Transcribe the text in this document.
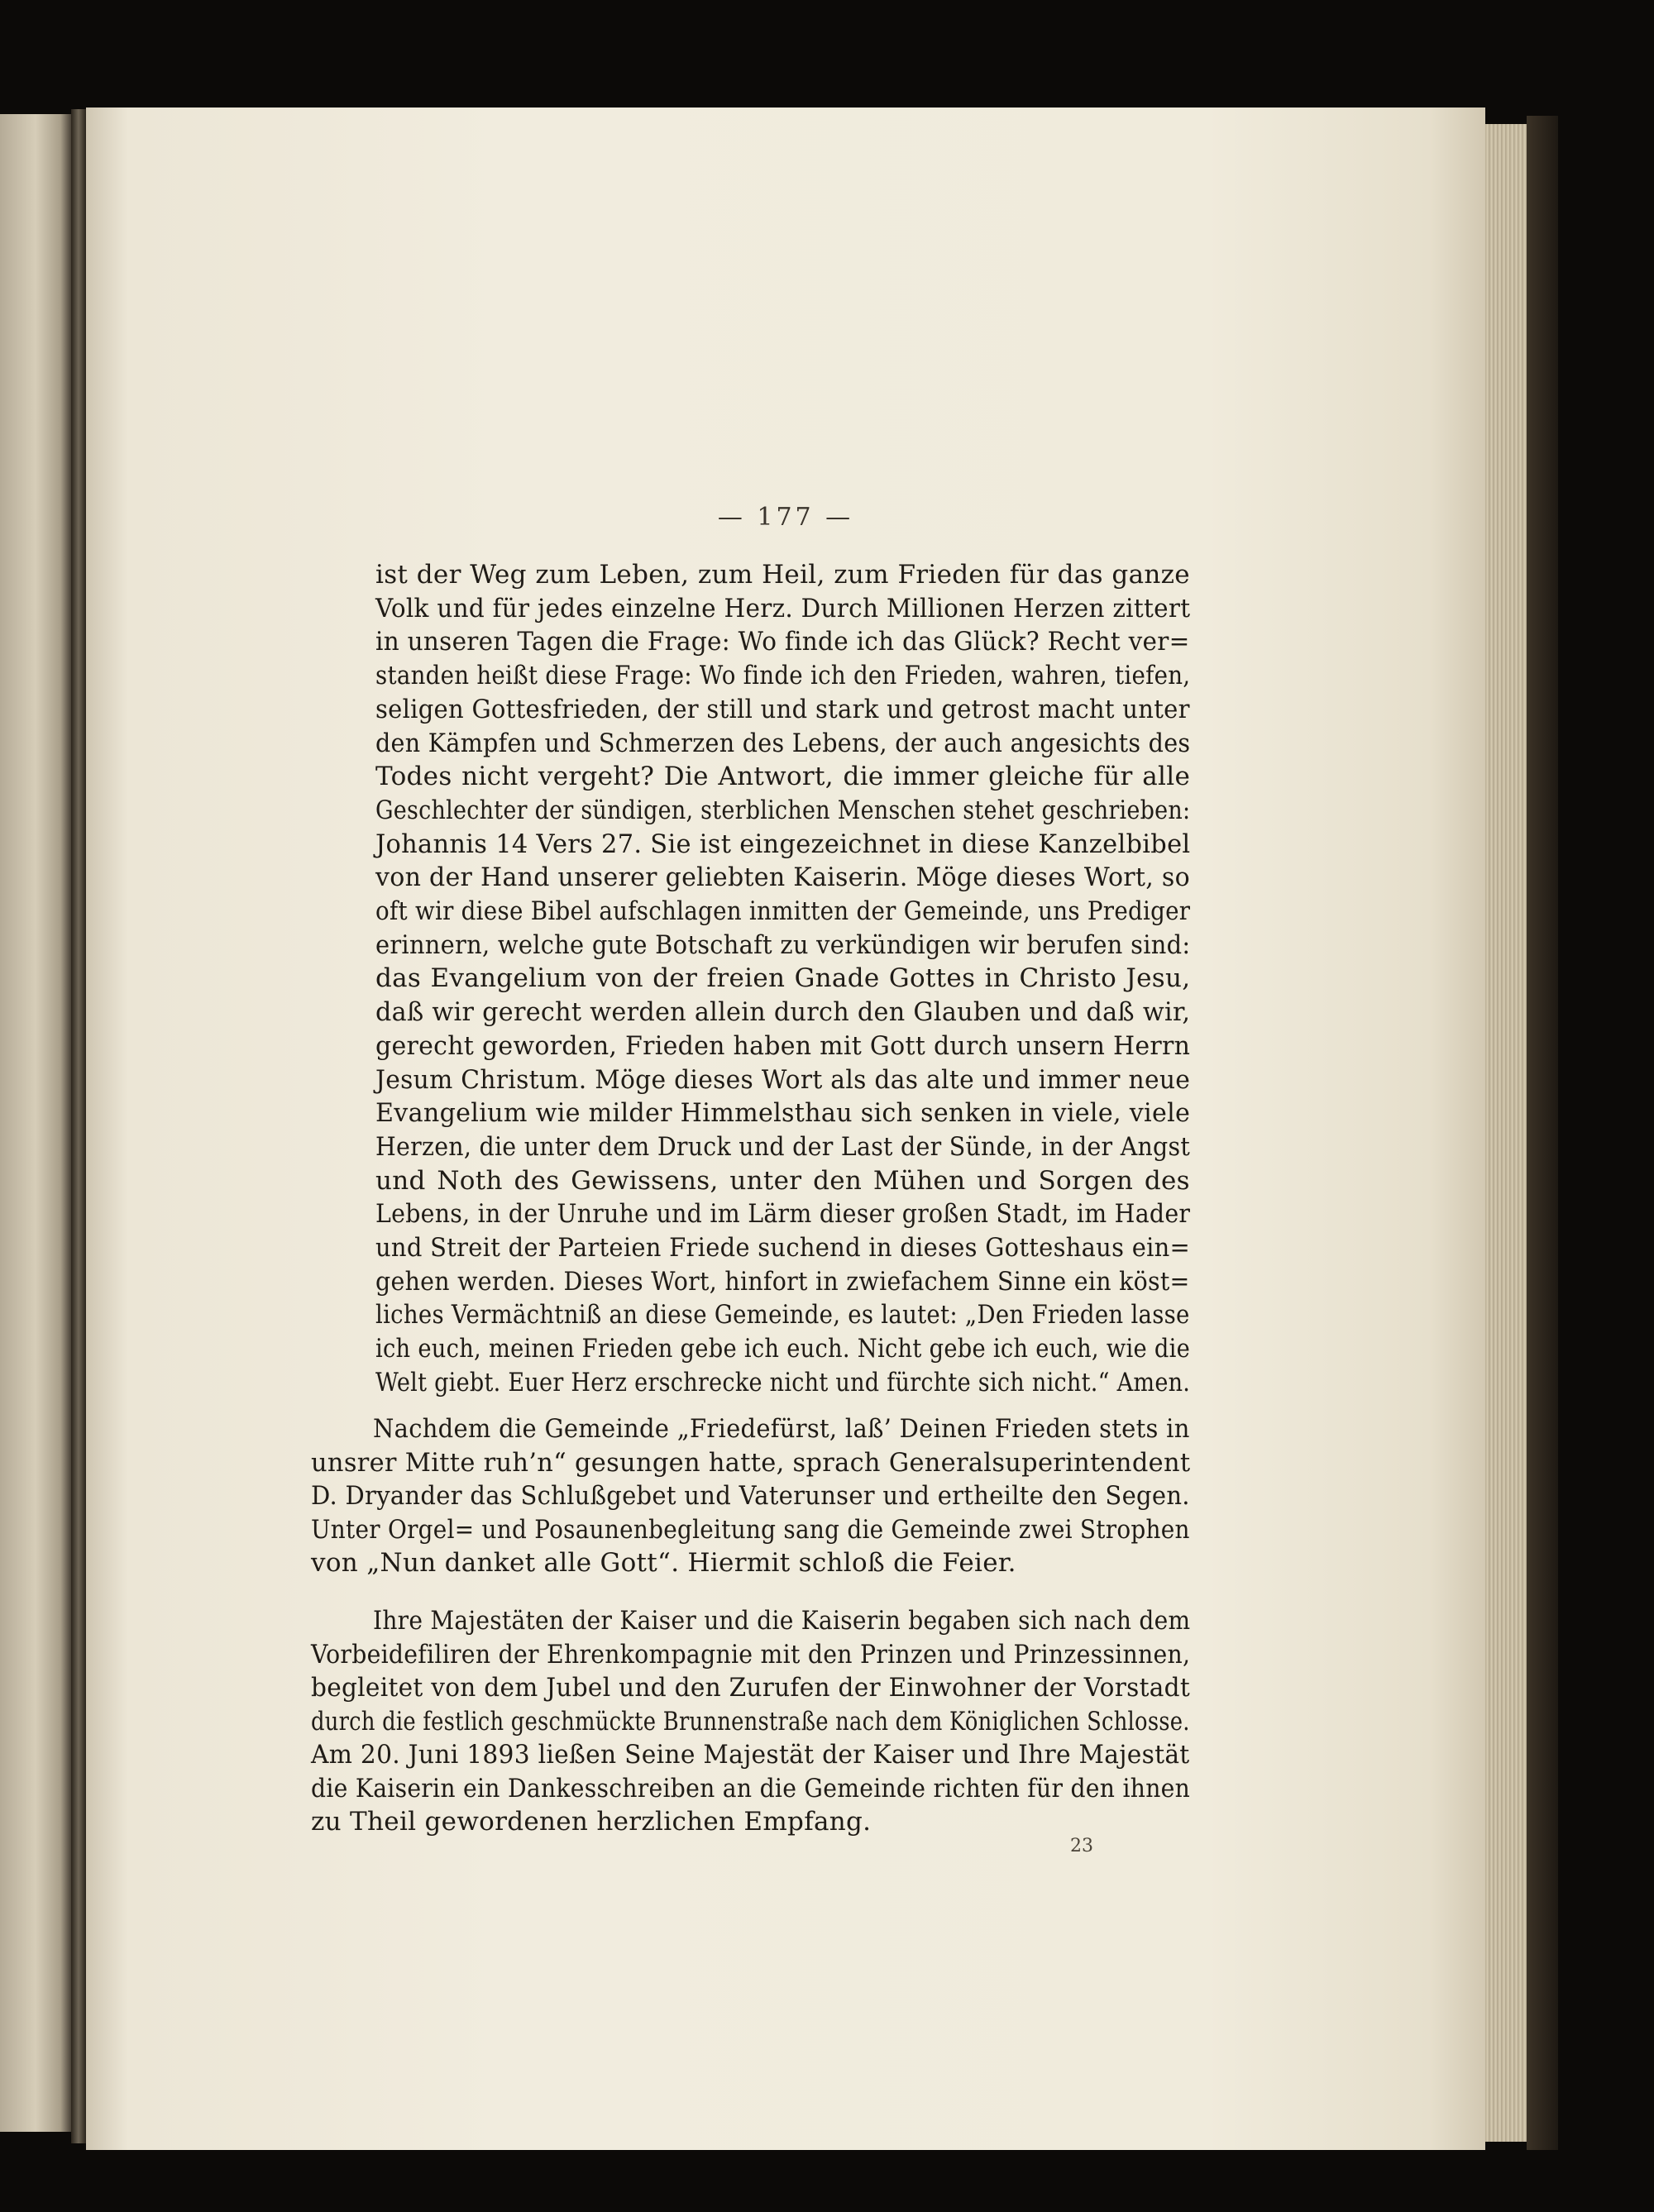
— 177 —
ist der Weg zum Leben, zum Heil, zum Frieden für das ganze
Volk und für jedes einzelne Herz. Durch Millionen Herzen zittert
in unseren Tagen die Frage: Wo finde ich das Glück? Recht ver=
standen heißt diese Frage: Wo finde ich den Frieden, wahren, tiefen,
seligen Gottesfrieden, der still und stark und getrost macht unter
den Kämpfen und Schmerzen des Lebens, der auch angesichts des
Todes nicht vergeht? Die Antwort, die immer gleiche für alle
Geschlechter der sündigen, sterblichen Menschen stehet geschrieben:
Johannis 14 Vers 27. Sie ist eingezeichnet in diese Kanzelbibel
von der Hand unserer geliebten Kaiserin. Möge dieses Wort, so
oft wir diese Bibel aufschlagen inmitten der Gemeinde, uns Prediger
erinnern, welche gute Botschaft zu verkündigen wir berufen sind:
das Evangelium von der freien Gnade Gottes in Christo Jesu,
daß wir gerecht werden allein durch den Glauben und daß wir,
gerecht geworden, Frieden haben mit Gott durch unsern Herrn
Jesum Christum. Möge dieses Wort als das alte und immer neue
Evangelium wie milder Himmelsthau sich senken in viele, viele
Herzen, die unter dem Druck und der Last der Sünde, in der Angst
und Noth des Gewissens, unter den Mühen und Sorgen des
Lebens, in der Unruhe und im Lärm dieser großen Stadt, im Hader
und Streit der Parteien Friede suchend in dieses Gotteshaus ein=
gehen werden. Dieses Wort, hinfort in zwiefachem Sinne ein köst=
liches Vermächtniß an diese Gemeinde, es lautet: „Den Frieden lasse
ich euch, meinen Frieden gebe ich euch. Nicht gebe ich euch, wie die
Welt giebt. Euer Herz erschrecke nicht und fürchte sich nicht.“ Amen.
Nachdem die Gemeinde „Friedefürst, laß’ Deinen Frieden stets in
unsrer Mitte ruh’n“ gesungen hatte, sprach Generalsuperintendent
D. Dryander das Schlußgebet und Vaterunser und ertheilte den Segen.
Unter Orgel= und Posaunenbegleitung sang die Gemeinde zwei Strophen
von „Nun danket alle Gott“. Hiermit schloß die Feier.
Ihre Majestäten der Kaiser und die Kaiserin begaben sich nach dem
Vorbeidefiliren der Ehrenkompagnie mit den Prinzen und Prinzessinnen,
begleitet von dem Jubel und den Zurufen der Einwohner der Vorstadt
durch die festlich geschmückte Brunnenstraße nach dem Königlichen Schlosse.
Am 20. Juni 1893 ließen Seine Majestät der Kaiser und Ihre Majestät
die Kaiserin ein Dankesschreiben an die Gemeinde richten für den ihnen
zu Theil gewordenen herzlichen Empfang.
23
